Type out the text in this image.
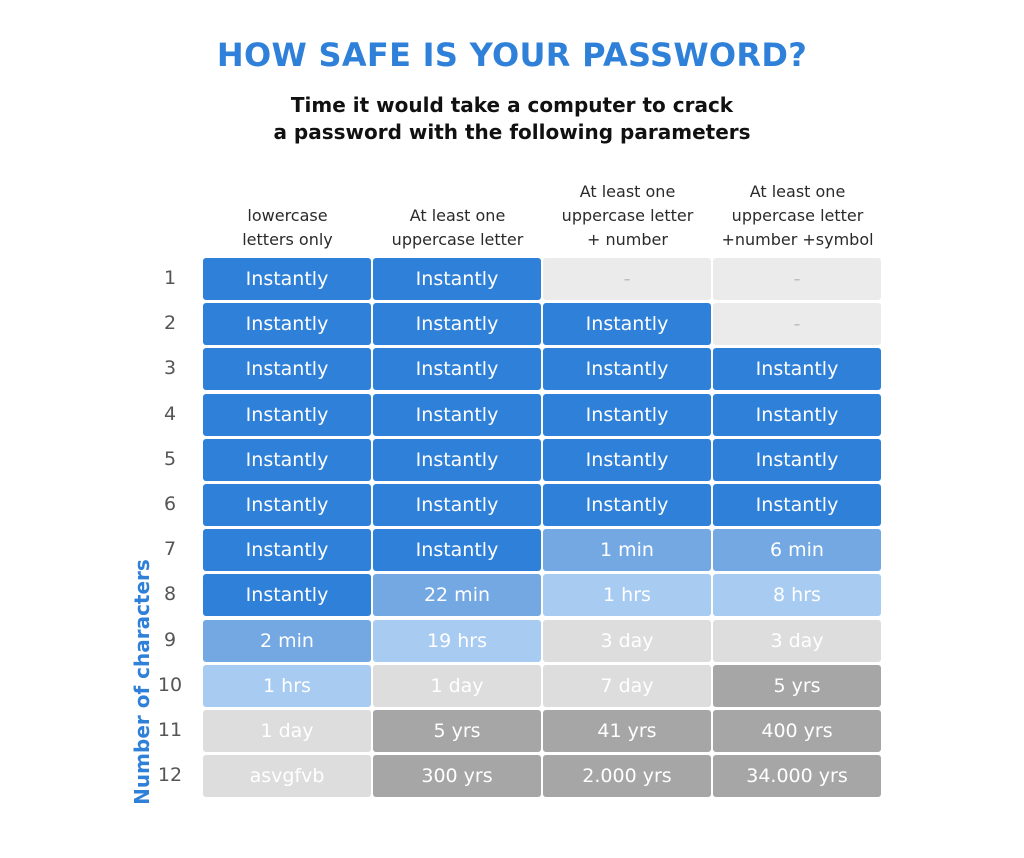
HOW SAFE IS YOUR PASSWORD?
Time it would take a computer to crack
a password with the following parameters
Number of characters
lowercase
letters only
At least one
uppercase letter
At least one
uppercase letter
+ number
At least one
uppercase letter
+number +symbol
1	Instantly	Instantly	-	-
2	Instantly	Instantly	Instantly	-
3	Instantly	Instantly	Instantly	Instantly
4	Instantly	Instantly	Instantly	Instantly
5	Instantly	Instantly	Instantly	Instantly
6	Instantly	Instantly	Instantly	Instantly
7	Instantly	Instantly	1 min	6 min
8	Instantly	22 min	1 hrs	8 hrs
9	2 min	19 hrs	3 day	3 day
10	1 hrs	1 day	7 day	5 yrs
11	1 day	5 yrs	41 yrs	400 yrs
12	asvgfvb	300 yrs	2.000 yrs	34.000 yrs
